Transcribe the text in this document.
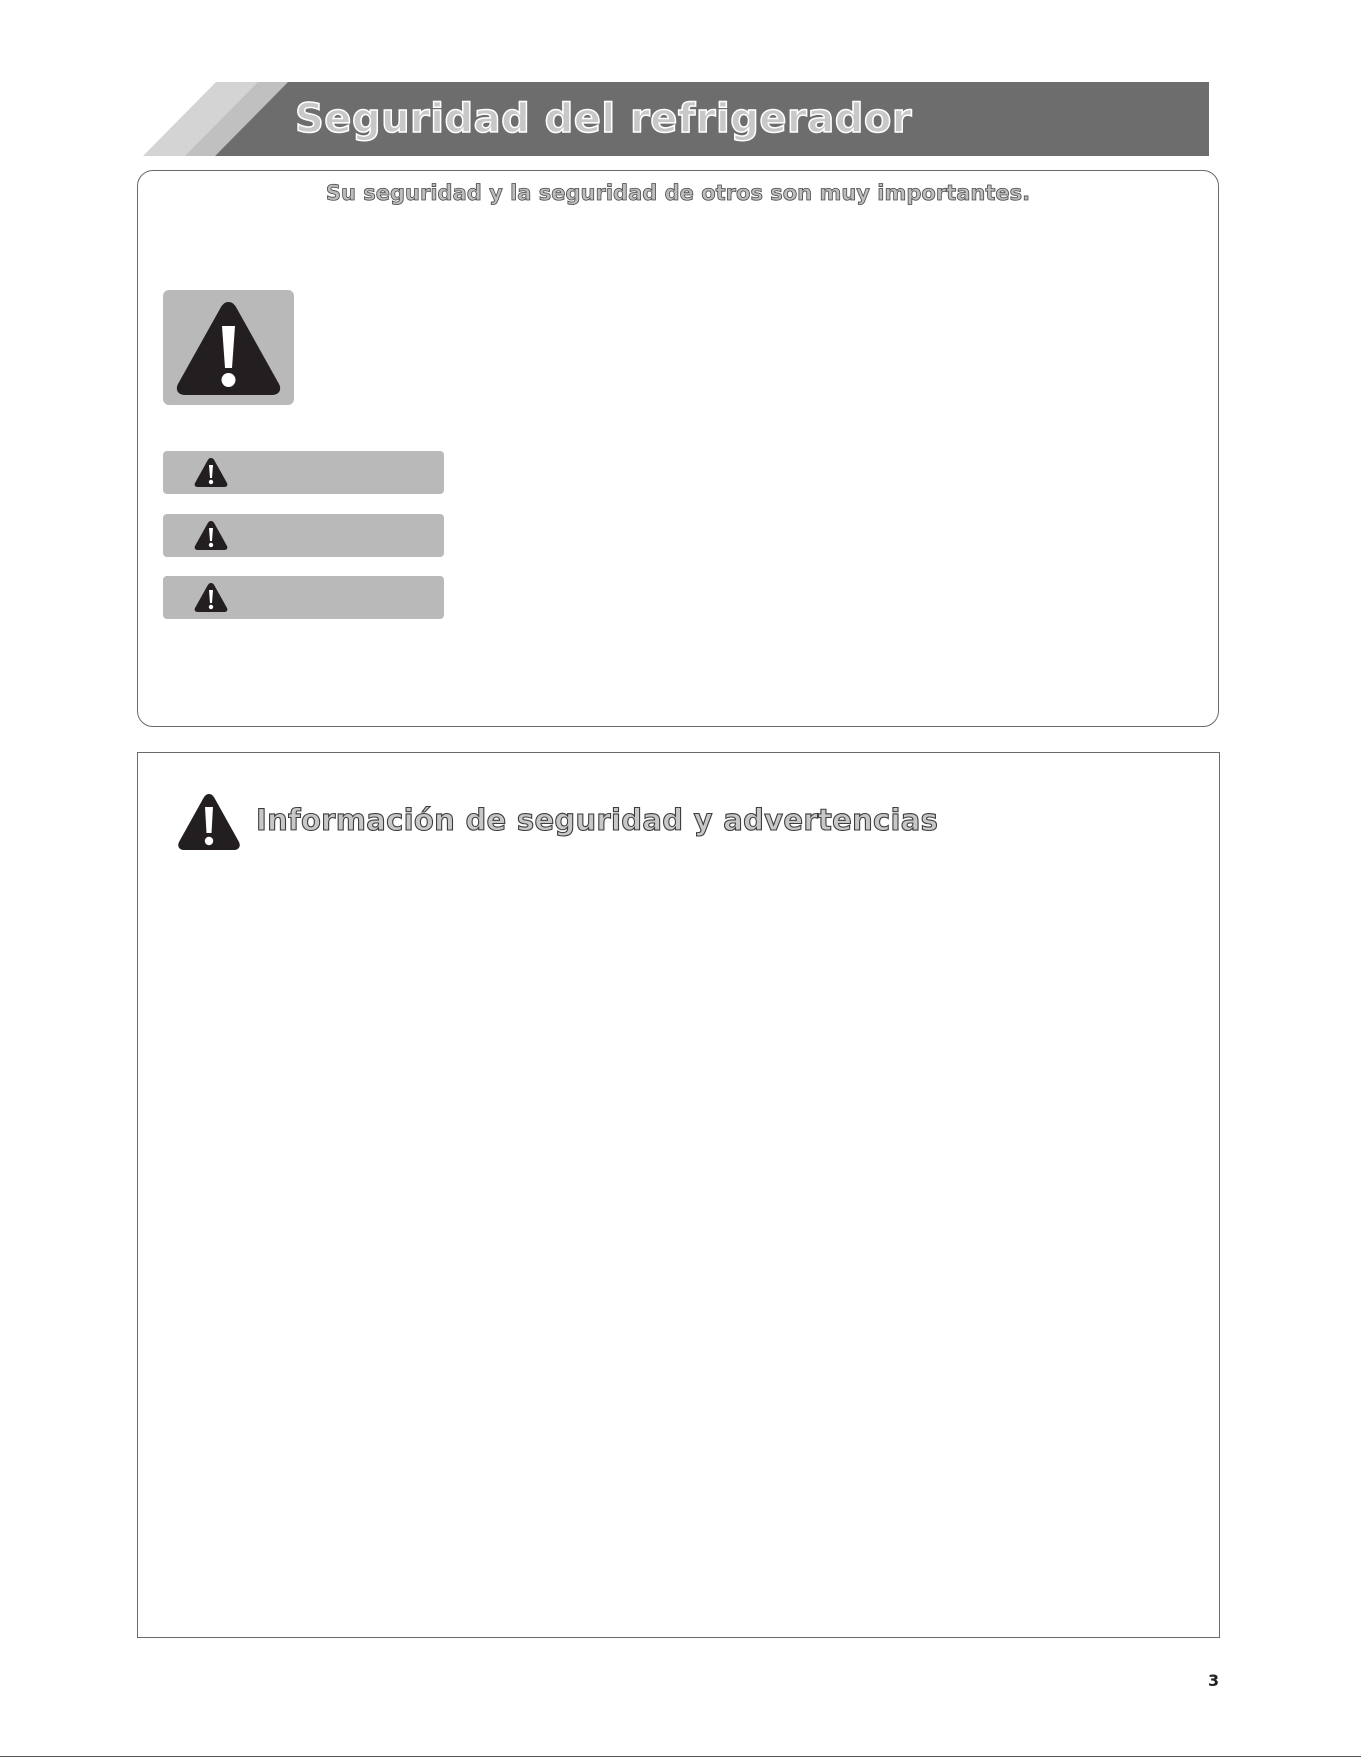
Seguridad del refrigerador
Su seguridad y la seguridad de otros son muy importantes.
Información de seguridad y advertencias
3
